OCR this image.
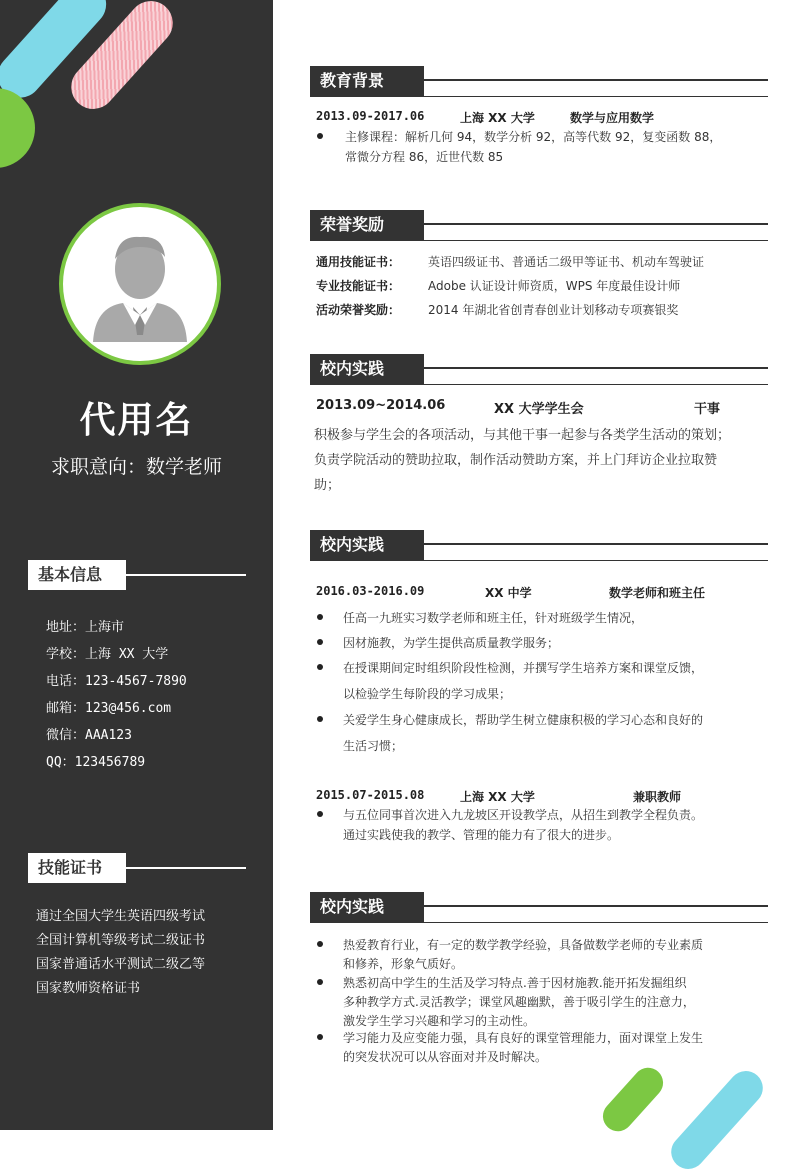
代用名
求职意向：数学老师
基本信息
地址：上海市
学校：上海 XX 大学
电话：123-4567-7890
邮箱：123@456.com
微信：AAA123
QQ：123456789
技能证书
通过全国大学生英语四级考试
全国计算机等级考试二级证书
国家普通话水平测试二级乙等
国家教师资格证书
教育背景
2013.09-2017.06	上海 XX 大学	数学与应用数学
主修课程：解析几何 94，数学分析 92，高等代数 92，复变函数 88，
常微分方程 86，近世代数 85
荣誉奖励
通用技能证书： 英语四级证书、普通话二级甲等证书、机动车驾驶证
专业技能证书： Adobe 认证设计师资质，WPS 年度最佳设计师
活动荣誉奖励： 2014 年湖北省创青春创业计划移动专项赛银奖
校内实践
2013.09~2014.06	XX 大学学生会	干事
积极参与学生会的各项活动，与其他干事一起参与各类学生活动的策划；
负责学院活动的赞助拉取，制作活动赞助方案，并上门拜访企业拉取赞
助；
校内实践
2016.03-2016.09	XX 中学	数学老师和班主任
任高一九班实习数学老师和班主任，针对班级学生情况，
因材施教，为学生提供高质量教学服务；
在授课期间定时组织阶段性检测，并撰写学生培养方案和课堂反馈，
以检验学生每阶段的学习成果；
关爱学生身心健康成长，帮助学生树立健康积极的学习心态和良好的
生活习惯；
2015.07-2015.08	上海 XX 大学	兼职教师
与五位同事首次进入九龙坡区开设教学点，从招生到教学全程负责。
通过实践使我的教学、管理的能力有了很大的进步。
校内实践
热爱教育行业，有一定的数学教学经验，具备做数学老师的专业素质
和修养，形象气质好。
熟悉初高中学生的生活及学习特点.善于因材施教.能开拓发掘组织
多种教学方式.灵活教学；课堂风趣幽默，善于吸引学生的注意力，
激发学生学习兴趣和学习的主动性。
学习能力及应变能力强，具有良好的课堂管理能力，面对课堂上发生
的突发状况可以从容面对并及时解决。
